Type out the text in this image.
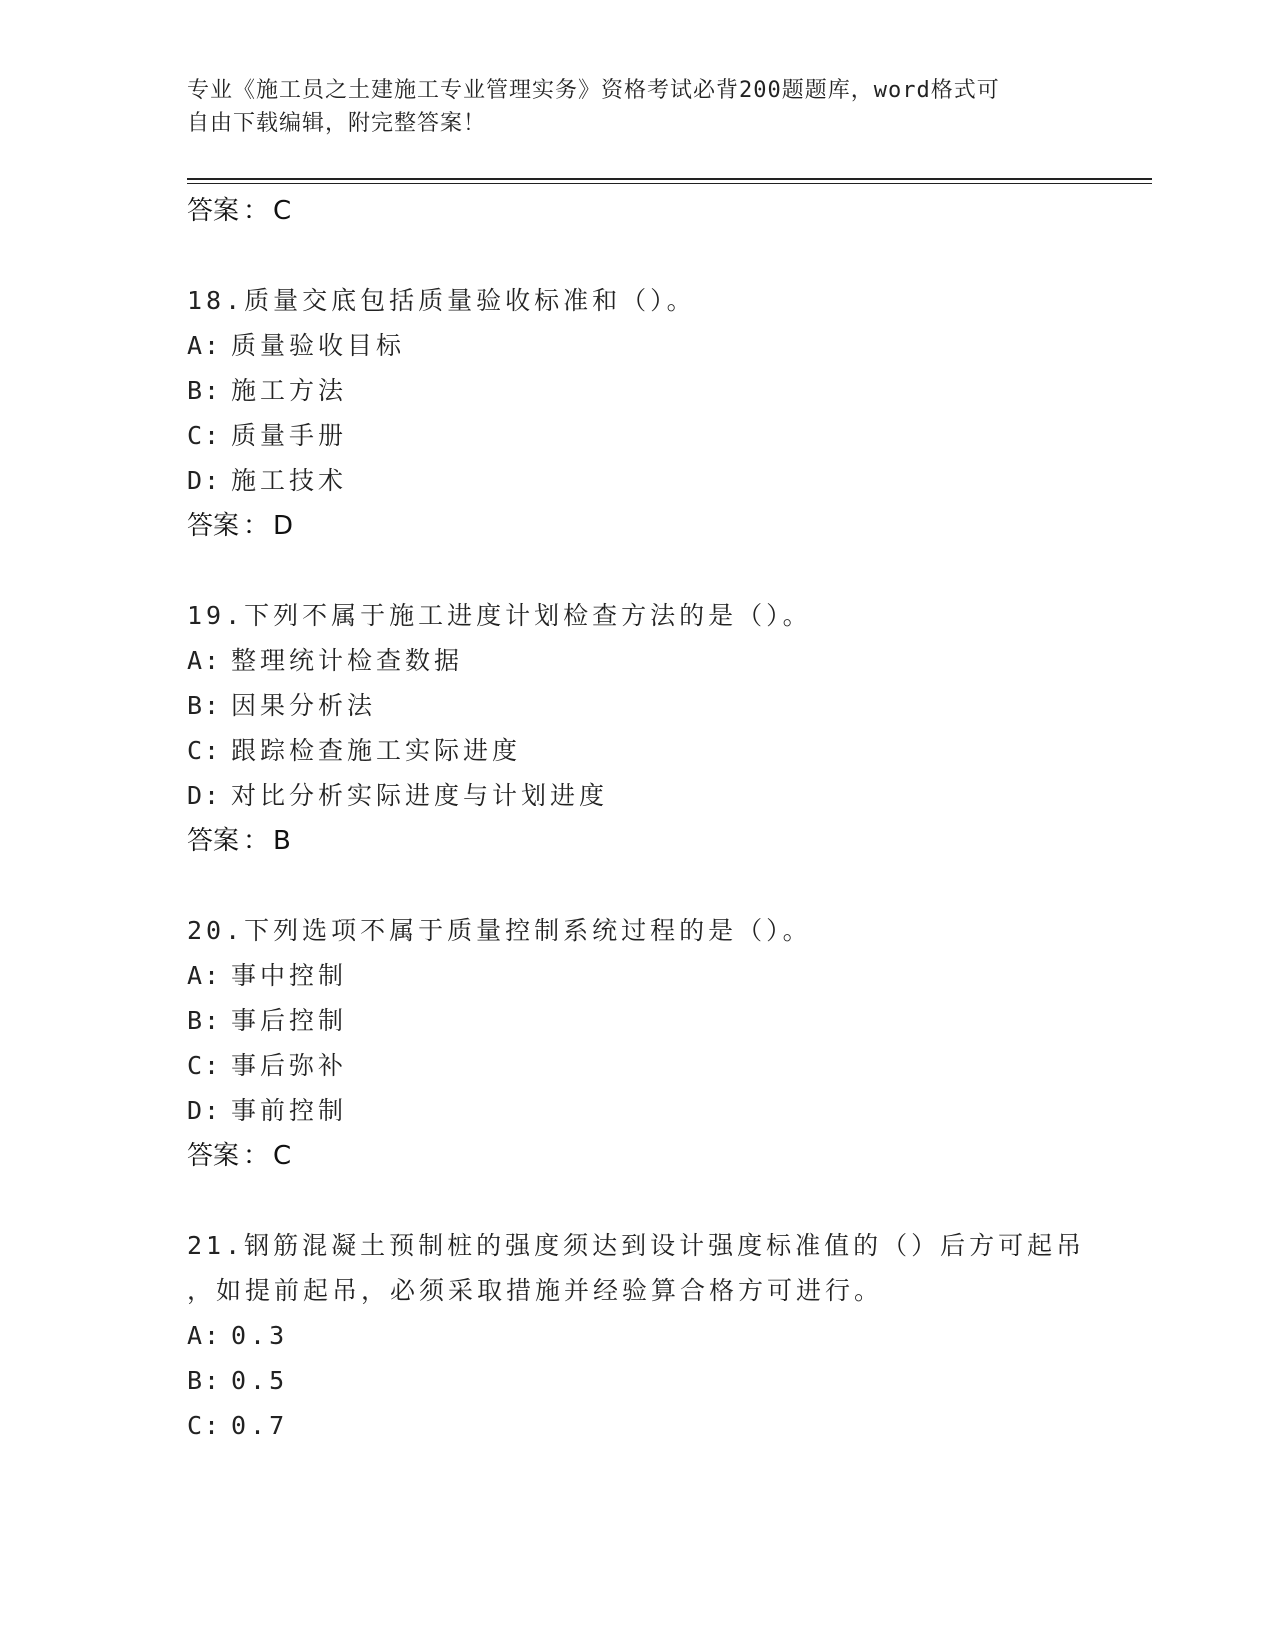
专业《施工员之土建施工专业管理实务》资格考试必背200题题库，word格式可
自由下载编辑，附完整答案！
答案 ： C
18.质量交底包括质量验收标准和（）。
A: 质量验收目标
B: 施工方法
C: 质量手册
D: 施工技术
答案 ： D
19.下列不属于施工进度计划检查方法的是（）。
A: 整理统计检查数据
B: 因果分析法
C: 跟踪检查施工实际进度
D: 对比分析实际进度与计划进度
答案 ： B
20.下列选项不属于质量控制系统过程的是（）。
A: 事中控制
B: 事后控制
C: 事后弥补
D: 事前控制
答案 ： C
21.钢筋混凝土预制桩的强度须达到设计强度标准值的（）后方可起吊
，如提前起吊，必须采取措施并经验算合格方可进行。
A: 0.3
B: 0.5
C: 0.7
